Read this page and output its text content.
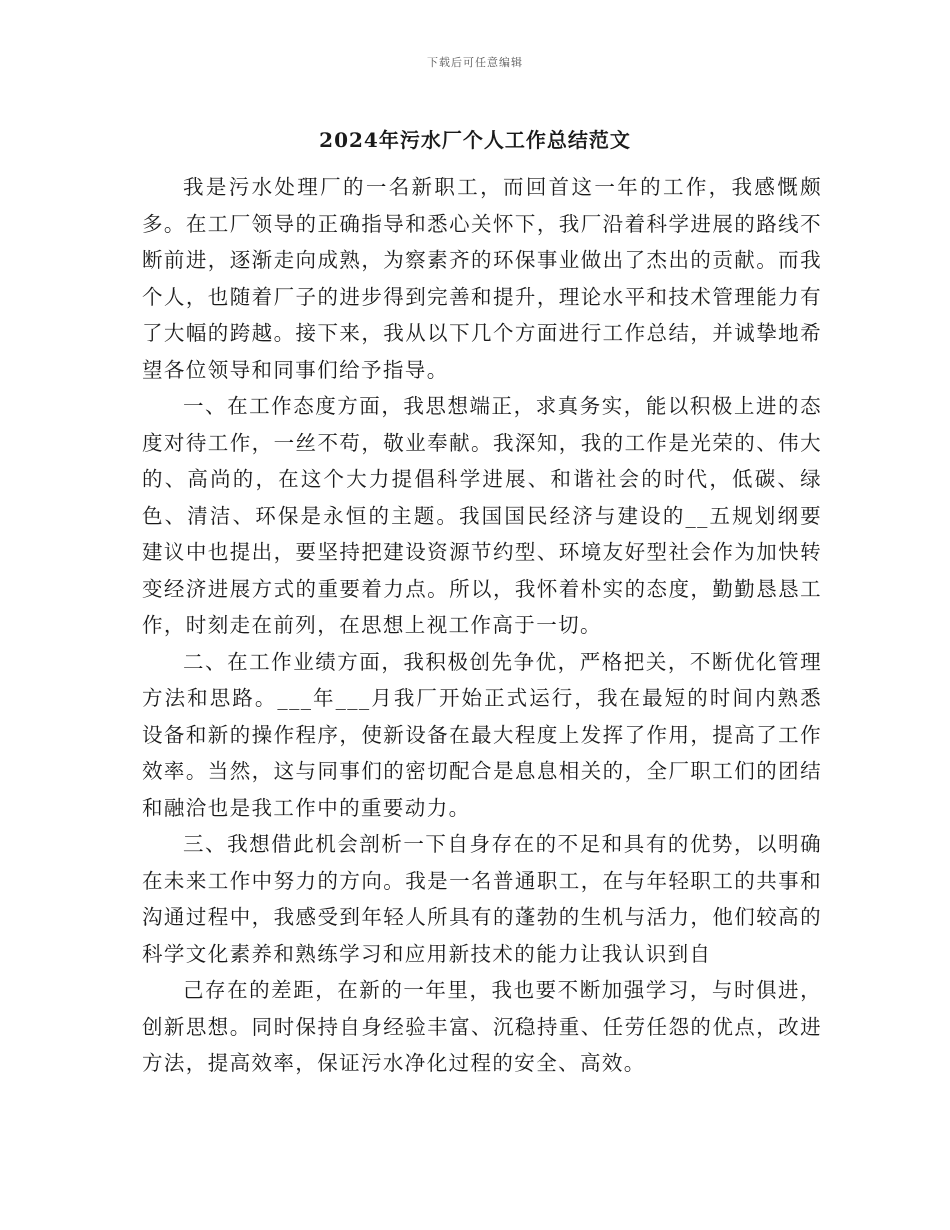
下载后可任意编辑
2024年污水厂个人工作总结范文

我是污水处理厂的一名新职工，而回首这一年的工作，我感慨颇多。在工厂领导的正确指导和悉心关怀下，我厂沿着科学进展的路线不断前进，逐渐走向成熟，为察素齐的环保事业做出了杰出的贡献。而我个人，也随着厂子的进步得到完善和提升，理论水平和技术管理能力有了大幅的跨越。接下来，我从以下几个方面进行工作总结，并诚挚地希望各位领导和同事们给予指导。

一、在工作态度方面，我思想端正，求真务实，能以积极上进的态度对待工作，一丝不苟，敬业奉献。我深知，我的工作是光荣的、伟大的、高尚的，在这个大力提倡科学进展、和谐社会的时代，低碳、绿色、清洁、环保是永恒的主题。我国国民经济与建设的__五规划纲要建议中也提出，要坚持把建设资源节约型、环境友好型社会作为加快转变经济进展方式的重要着力点。所以，我怀着朴实的态度，勤勤恳恳工作，时刻走在前列，在思想上视工作高于一切。

二、在工作业绩方面，我积极创先争优，严格把关，不断优化管理方法和思路。___年___月我厂开始正式运行，我在最短的时间内熟悉设备和新的操作程序，使新设备在最大程度上发挥了作用，提高了工作效率。当然，这与同事们的密切配合是息息相关的，全厂职工们的团结和融洽也是我工作中的重要动力。

三、我想借此机会剖析一下自身存在的不足和具有的优势，以明确在未来工作中努力的方向。我是一名普通职工，在与年轻职工的共事和沟通过程中，我感受到年轻人所具有的蓬勃的生机与活力，他们较高的科学文化素养和熟练学习和应用新技术的能力让我认识到自

己存在的差距，在新的一年里，我也要不断加强学习，与时俱进，创新思想。同时保持自身经验丰富、沉稳持重、任劳任怨的优点，改进方法，提高效率，保证污水净化过程的安全、高效。
